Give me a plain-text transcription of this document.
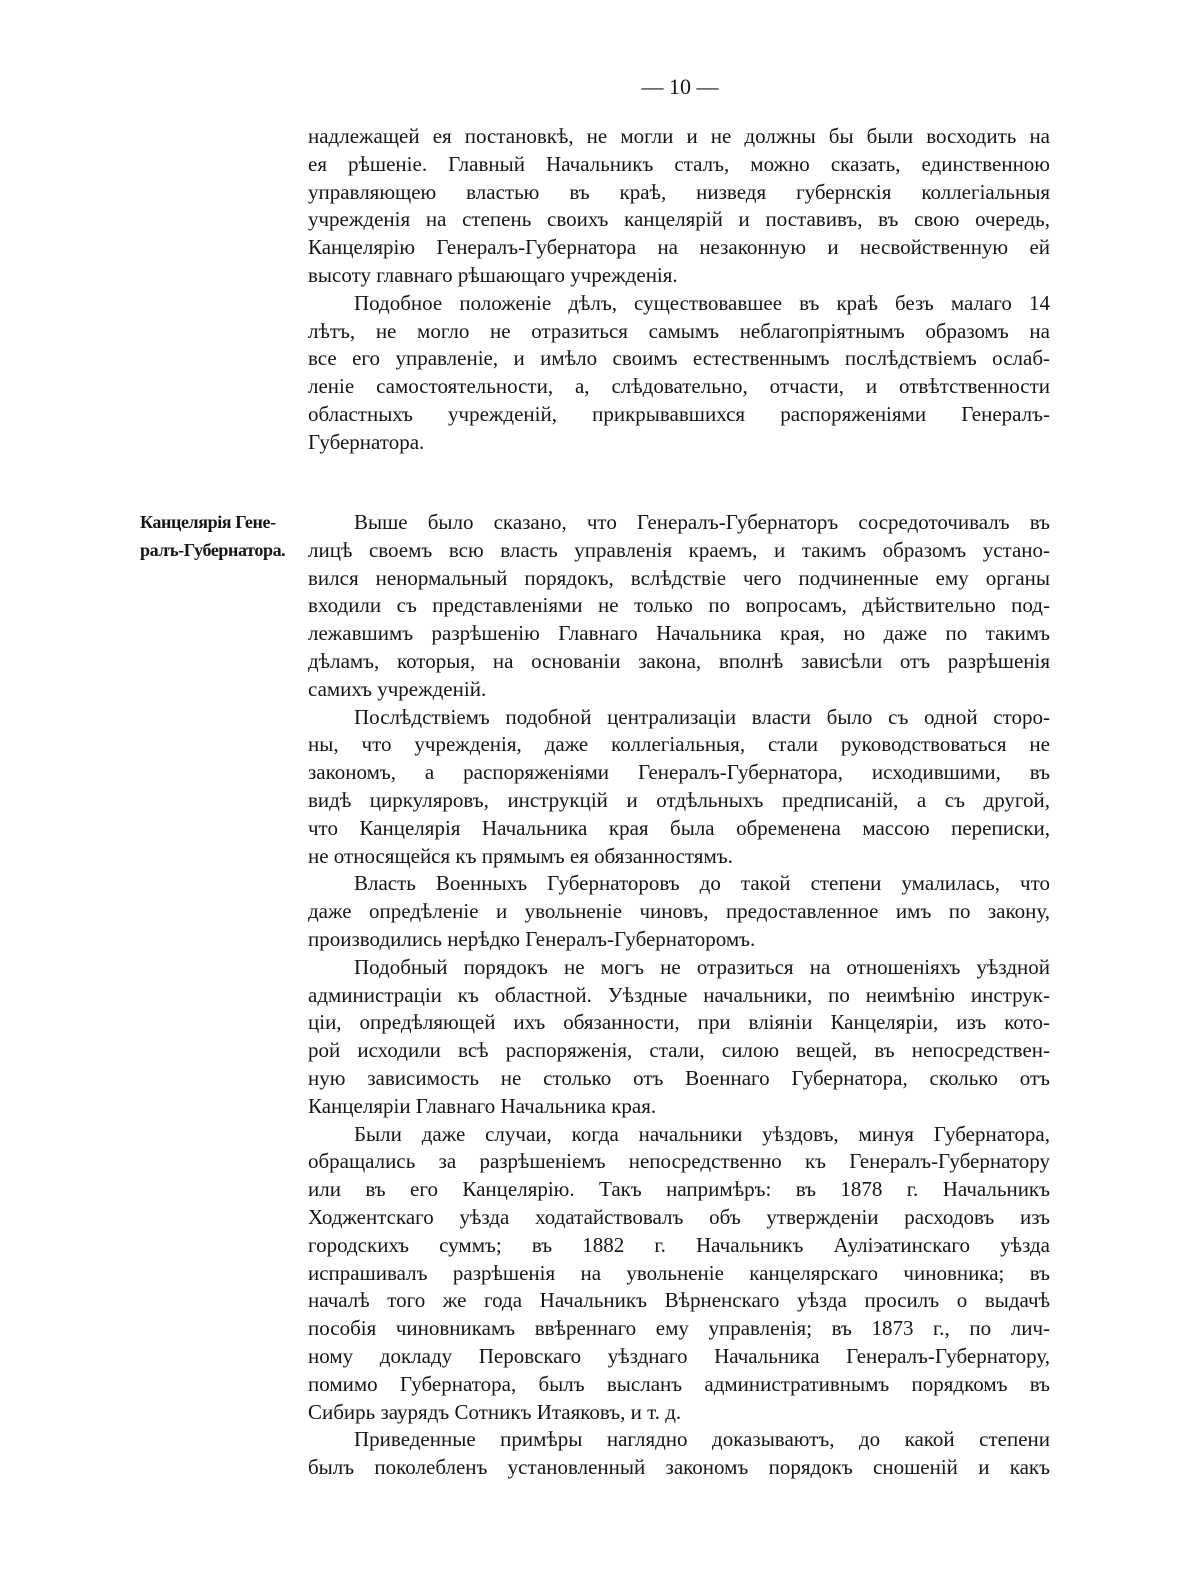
— 10 —
надлежащей ея постановкѣ, не могли и не должны бы были восходить на
ея рѣшеніе. Главный Начальникъ сталъ, можно сказать, единственною
управляющею властью въ краѣ, низведя губернскія коллегіальныя
учрежденія на степень своихъ канцелярій и поставивъ, въ свою очередь,
Канцелярію Генералъ-Губернатора на незаконную и несвойственную ей
высоту главнаго рѣшающаго учрежденія.
Подобное положеніе дѣлъ, существовавшее въ краѣ безъ малаго 14
лѣтъ, не могло не отразиться самымъ неблагопріятнымъ образомъ на
все его управленіе, и имѣло своимъ естественнымъ послѣдствіемъ ослаб-
леніе самостоятельности, а, слѣдовательно, отчасти, и отвѣтственности
областныхъ учрежденій, прикрывавшихся распоряженіями Генералъ-
Губернатора.
Канцелярія Гене-
ралъ-Губернатора.
Выше было сказано, что Генералъ-Губернаторъ сосредоточивалъ въ
лицѣ своемъ всю власть управленія краемъ, и такимъ образомъ устано-
вился ненормальный порядокъ, вслѣдствіе чего подчиненные ему органы
входили съ представленіями не только по вопросамъ, дѣйствительно под-
лежавшимъ разрѣшенію Главнаго Начальника края, но даже по такимъ
дѣламъ, которыя, на основаніи закона, вполнѣ зависѣли отъ разрѣшенія
самихъ учрежденій.
Послѣдствіемъ подобной централизаціи власти было съ одной сторо-
ны, что учрежденія, даже коллегіальныя, стали руководствоваться не
закономъ, а распоряженіями Генералъ-Губернатора, исходившими, въ
видѣ циркуляровъ, инструкцій и отдѣльныхъ предписаній, а съ другой,
что Канцелярія Начальника края была обременена массою переписки,
не относящейся къ прямымъ ея обязанностямъ.
Власть Военныхъ Губернаторовъ до такой степени умалилась, что
даже опредѣленіе и увольненіе чиновъ, предоставленное имъ по закону,
производились нерѣдко Генералъ-Губернаторомъ.
Подобный порядокъ не могъ не отразиться на отношеніяхъ уѣздной
администраціи къ областной. Уѣздные начальники, по неимѣнію инструк-
ціи, опредѣляющей ихъ обязанности, при вліяніи Канцеляріи, изъ кото-
рой исходили всѣ распоряженія, стали, силою вещей, въ непосредствен-
ную зависимость не столько отъ Военнаго Губернатора, сколько отъ
Канцеляріи Главнаго Начальника края.
Были даже случаи, когда начальники уѣздовъ, минуя Губернатора,
обращались за разрѣшеніемъ непосредственно къ Генералъ-Губернатору
или въ его Канцелярію. Такъ напримѣръ: въ 1878 г. Начальникъ
Ходжентскаго уѣзда ходатайствовалъ объ утвержденіи расходовъ изъ
городскихъ суммъ; въ 1882 г. Начальникъ Ауліэатинскаго уѣзда
испрашивалъ разрѣшенія на увольненіе канцелярскаго чиновника; въ
началѣ того же года Начальникъ Вѣрненскаго уѣзда просилъ о выдачѣ
пособія чиновникамъ ввѣреннаго ему управленія; въ 1873 г., по лич-
ному докладу Перовскаго уѣзднаго Начальника Генералъ-Губернатору,
помимо Губернатора, былъ высланъ административнымъ порядкомъ въ
Сибирь заурядъ Сотникъ Итаяковъ, и т. д.
Приведенные примѣры наглядно доказываютъ, до какой степени
былъ поколебленъ установленный закономъ порядокъ сношеній и какъ
